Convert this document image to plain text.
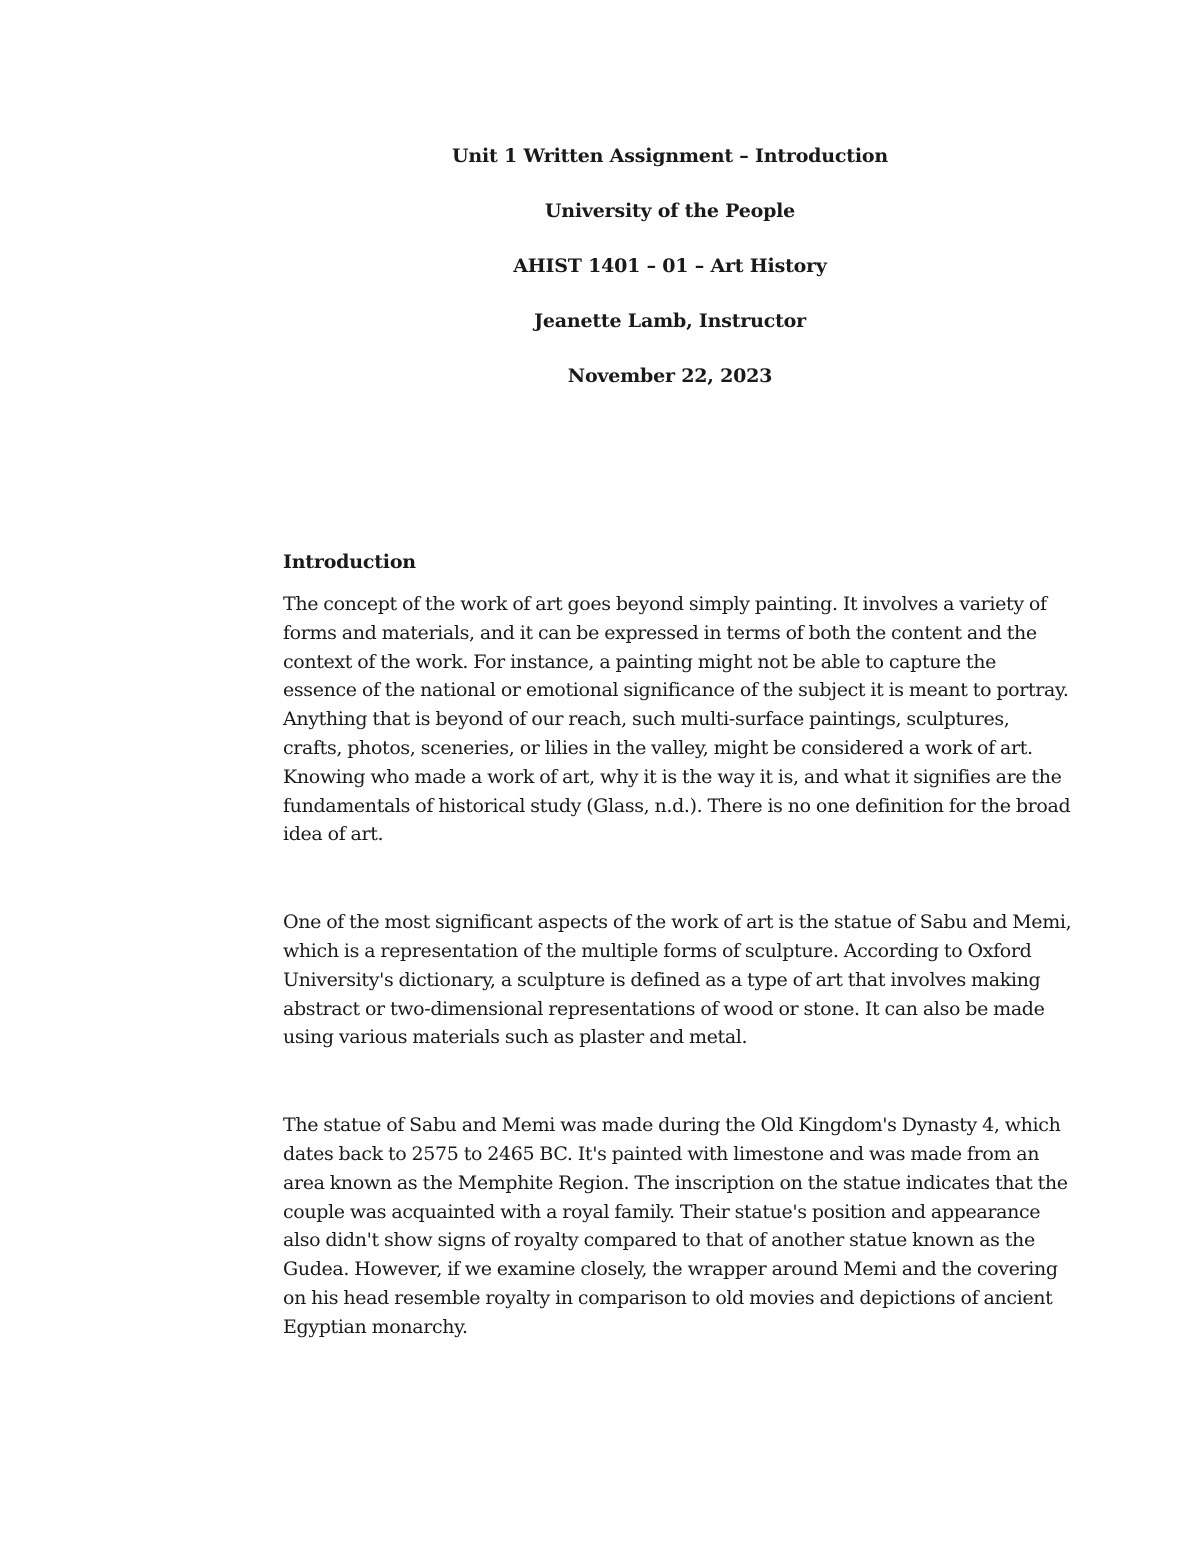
Unit 1 Written Assignment – Introduction

University of the People

AHIST 1401 – 01 – Art History

Jeanette Lamb, Instructor

November 22, 2023

Introduction

The concept of the work of art goes beyond simply painting. It involves a variety of forms and materials, and it can be expressed in terms of both the content and the context of the work. For instance, a painting might not be able to capture the essence of the national or emotional significance of the subject it is meant to portray. Anything that is beyond of our reach, such multi-surface paintings, sculptures, crafts, photos, sceneries, or lilies in the valley, might be considered a work of art. Knowing who made a work of art, why it is the way it is, and what it signifies are the fundamentals of historical study (Glass, n.d.). There is no one definition for the broad idea of art.

One of the most significant aspects of the work of art is the statue of Sabu and Memi, which is a representation of the multiple forms of sculpture. According to Oxford University's dictionary, a sculpture is defined as a type of art that involves making abstract or two-dimensional representations of wood or stone. It can also be made using various materials such as plaster and metal.

The statue of Sabu and Memi was made during the Old Kingdom's Dynasty 4, which dates back to 2575 to 2465 BC. It's painted with limestone and was made from an area known as the Memphite Region. The inscription on the statue indicates that the couple was acquainted with a royal family. Their statue's position and appearance also didn't show signs of royalty compared to that of another statue known as the Gudea. However, if we examine closely, the wrapper around Memi and the covering on his head resemble royalty in comparison to old movies and depictions of ancient Egyptian monarchy.
